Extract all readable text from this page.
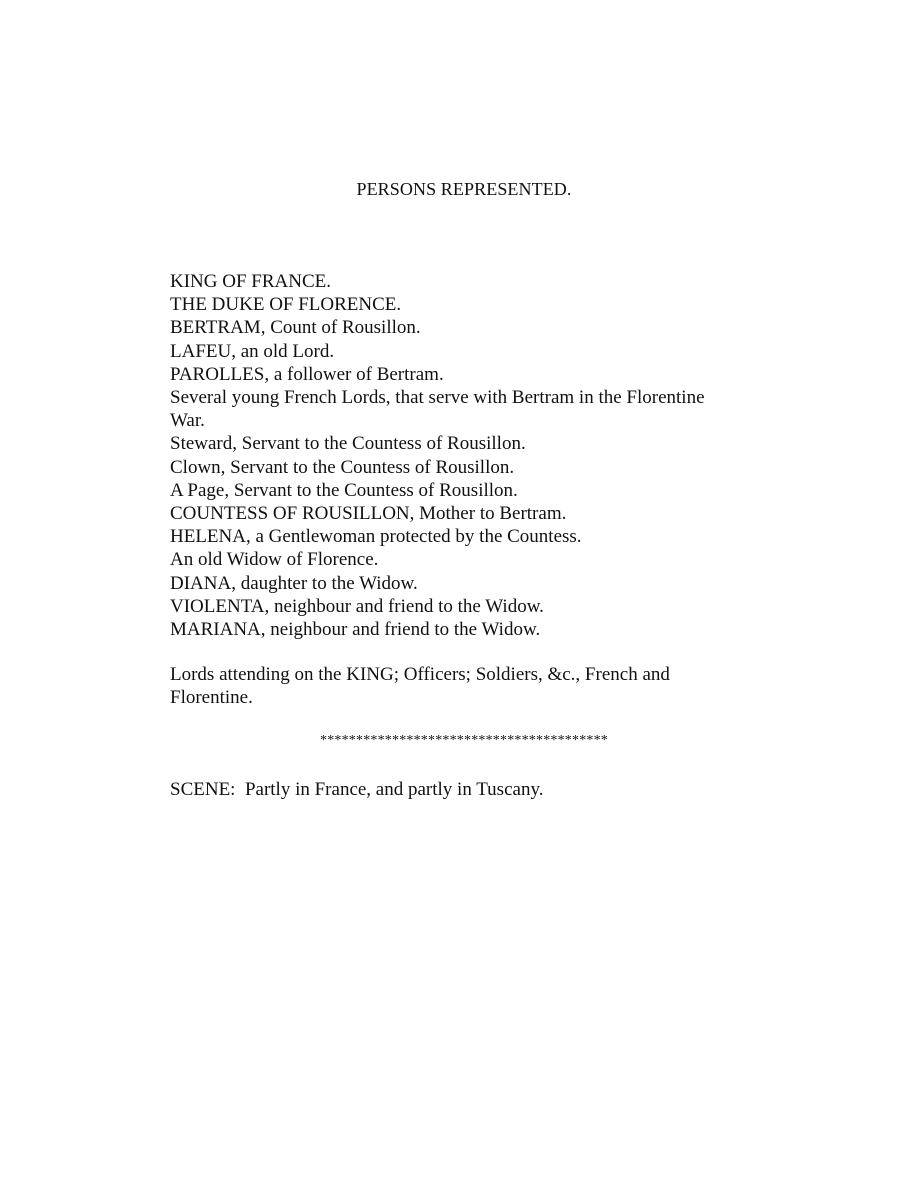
PERSONS REPRESENTED.
KING OF FRANCE.
THE DUKE OF FLORENCE.
BERTRAM, Count of Rousillon.
LAFEU, an old Lord.
PAROLLES, a follower of Bertram.
Several young French Lords, that serve with Bertram in the Florentine War.
Steward, Servant to the Countess of Rousillon.
Clown, Servant to the Countess of Rousillon.
A Page, Servant to the Countess of Rousillon.
COUNTESS OF ROUSILLON, Mother to Bertram.
HELENA, a Gentlewoman protected by the Countess.
An old Widow of Florence.
DIANA, daughter to the Widow.
VIOLENTA, neighbour and friend to the Widow.
MARIANA, neighbour and friend to the Widow.

Lords attending on the KING; Officers; Soldiers, &c., French and Florentine.

****************************************

SCENE:  Partly in France, and partly in Tuscany.
